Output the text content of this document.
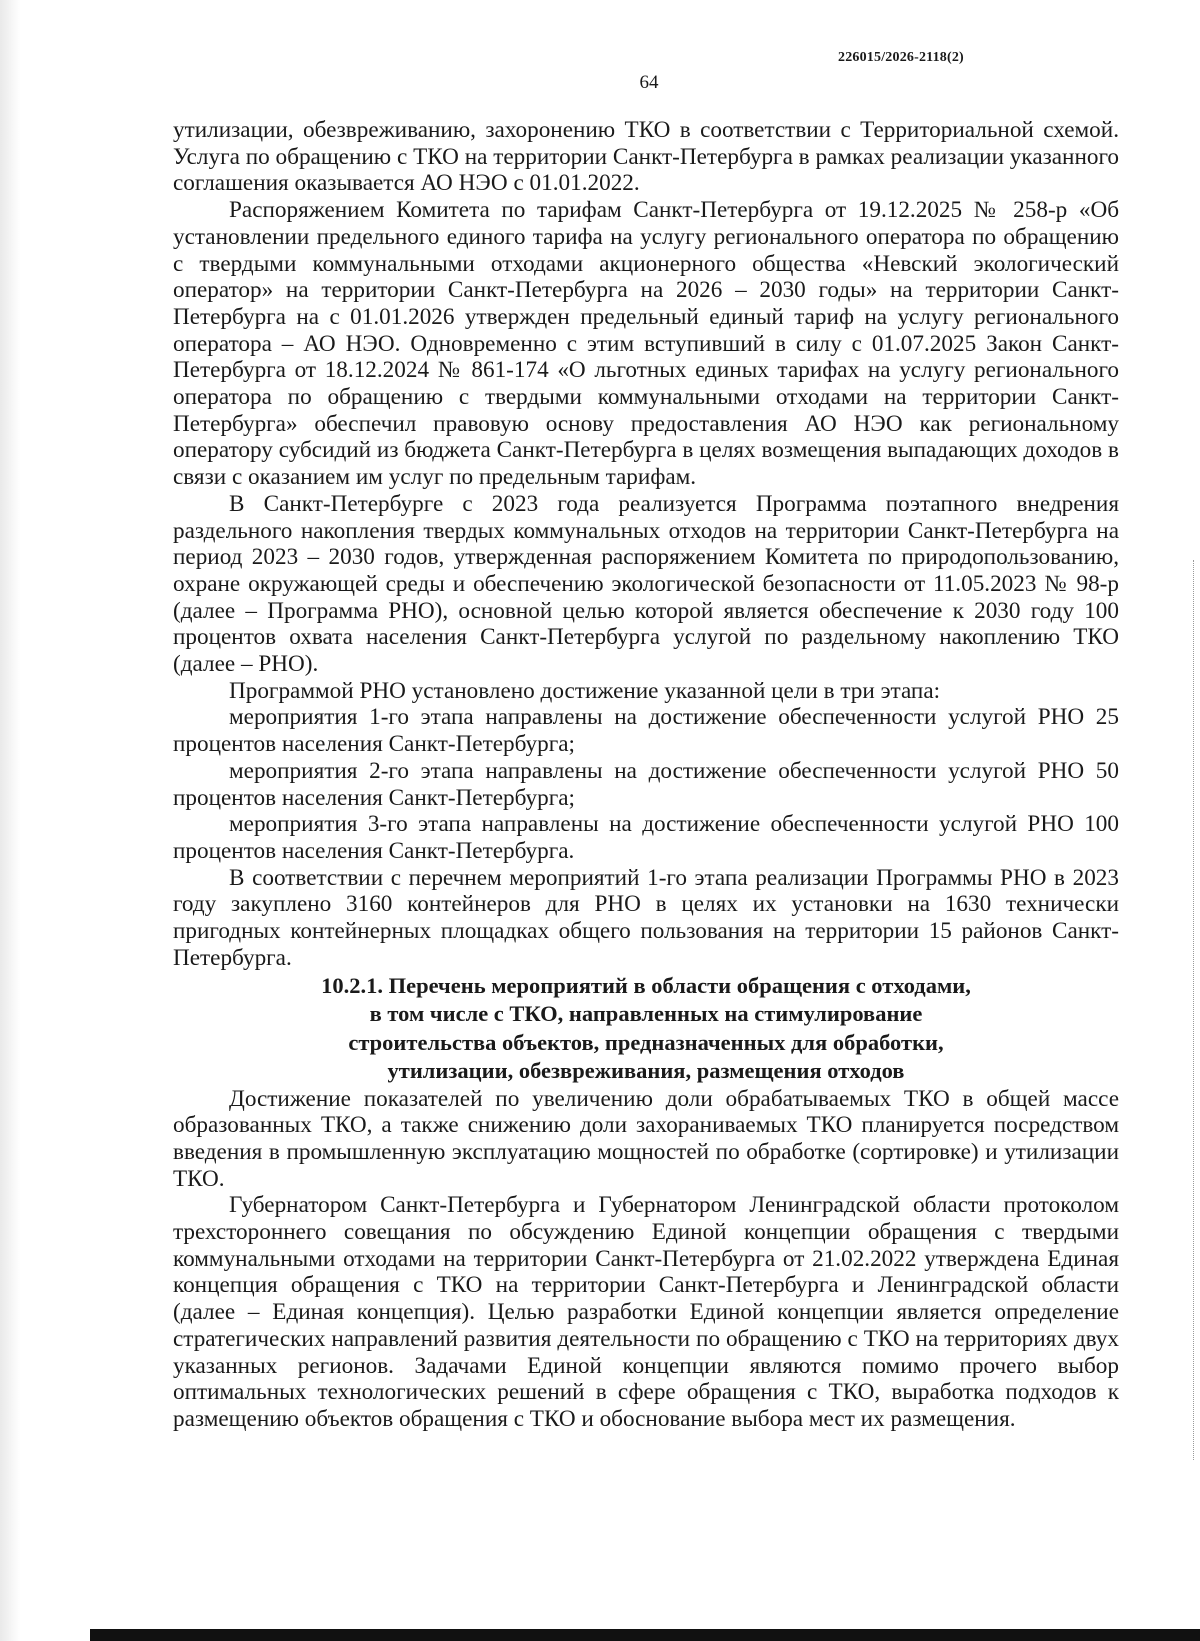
226015/2026-2118(2)
64

утилизации, обезвреживанию, захоронению ТКО в соответствии с Территориальной схемой. Услуга по обращению с ТКО на территории Санкт-Петербурга в рамках реализации указанного соглашения оказывается АО НЭО с 01.01.2022.

Распоряжением Комитета по тарифам Санкт-Петербурга от 19.12.2025 № 258-р «Об установлении предельного единого тарифа на услугу регионального оператора по обращению с твердыми коммунальными отходами акционерного общества «Невский экологический оператор» на территории Санкт-Петербурга на 2026 – 2030 годы» на территории Санкт-Петербурга на с 01.01.2026 утвержден предельный единый тариф на услугу регионального оператора – АО НЭО. Одновременно с этим вступивший в силу с 01.07.2025 Закон Санкт-Петербурга от 18.12.2024 № 861-174 «О льготных единых тарифах на услугу регионального оператора по обращению с твердыми коммунальными отходами на территории Санкт-Петербурга» обеспечил правовую основу предоставления АО НЭО как региональному оператору субсидий из бюджета Санкт-Петербурга в целях возмещения выпадающих доходов в связи с оказанием им услуг по предельным тарифам.

В Санкт-Петербурге с 2023 года реализуется Программа поэтапного внедрения раздельного накопления твердых коммунальных отходов на территории Санкт-Петербурга на период 2023 – 2030 годов, утвержденная распоряжением Комитета по природопользованию, охране окружающей среды и обеспечению экологической безопасности от 11.05.2023 № 98-р (далее – Программа РНО), основной целью которой является обеспечение к 2030 году 100 процентов охвата населения Санкт-Петербурга услугой по раздельному накоплению ТКО (далее – РНО).

Программой РНО установлено достижение указанной цели в три этапа:

мероприятия 1-го этапа направлены на достижение обеспеченности услугой РНО 25 процентов населения Санкт-Петербурга;

мероприятия 2-го этапа направлены на достижение обеспеченности услугой РНО 50 процентов населения Санкт-Петербурга;

мероприятия 3-го этапа направлены на достижение обеспеченности услугой РНО 100 процентов населения Санкт-Петербурга.

В соответствии с перечнем мероприятий 1-го этапа реализации Программы РНО в 2023 году закуплено 3160 контейнеров для РНО в целях их установки на 1630 технически пригодных контейнерных площадках общего пользования на территории 15 районов Санкт-Петербурга.

10.2.1. Перечень мероприятий в области обращения с отходами,
в том числе с ТКО, направленных на стимулирование
строительства объектов, предназначенных для обработки,
утилизации, обезвреживания, размещения отходов

Достижение показателей по увеличению доли обрабатываемых ТКО в общей массе образованных ТКО, а также снижению доли захораниваемых ТКО планируется посредством введения в промышленную эксплуатацию мощностей по обработке (сортировке) и утилизации ТКО.

Губернатором Санкт-Петербурга и Губернатором Ленинградской области протоколом трехстороннего совещания по обсуждению Единой концепции обращения с твердыми коммунальными отходами на территории Санкт-Петербурга от 21.02.2022 утверждена Единая концепция обращения с ТКО на территории Санкт-Петербурга и Ленинградской области (далее – Единая концепция). Целью разработки Единой концепции является определение стратегических направлений развития деятельности по обращению с ТКО на территориях двух указанных регионов. Задачами Единой концепции являются помимо прочего выбор оптимальных технологических решений в сфере обращения с ТКО, выработка подходов к размещению объектов обращения с ТКО и обоснование выбора мест их размещения.
